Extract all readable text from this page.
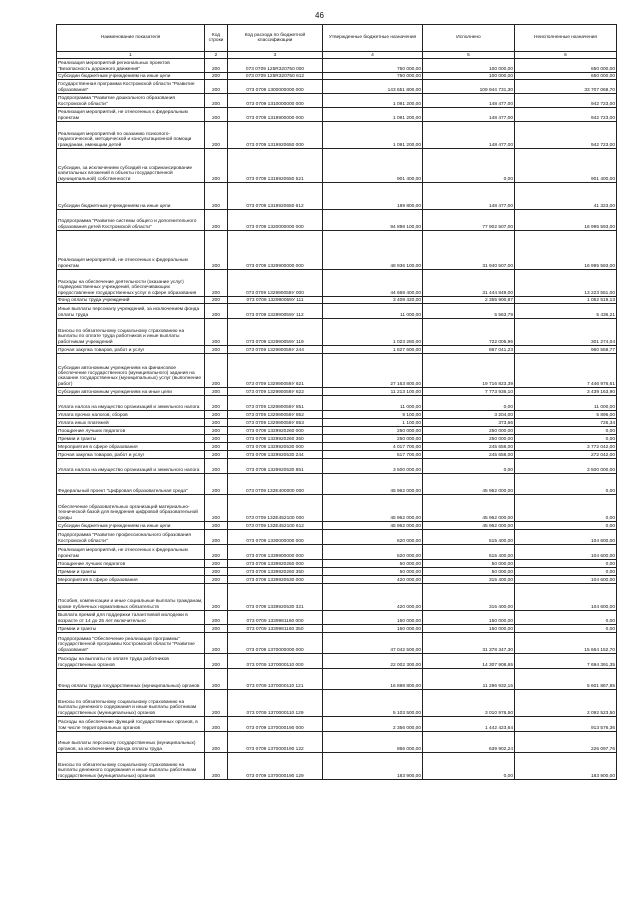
46
Наименование показателя	Код строки	Код расхода по бюджетной классификации	Утвержденные бюджетные назначения	Исполнено	Неисполненные назначения
1	2	3	4	5	6
Реализация мероприятий региональных проектов "Безопасность дорожного движения"	200	073 0709 125R320750 000	750 000,00	100 000,00	650 000,00
Субсидии бюджетным учреждениям на иные цели	200	073 0709 125R320750 612	750 000,00	100 000,00	650 000,00
Государственная программа Костромской области "Развитие образования"	200	073 0709 1300000000 000	143 651 800,00	109 944 731,30	33 707 068,70
Подпрограмма "Развитие дошкольного образования Костромской области"	200	073 0709 1310000000 000	1 091 200,00	148 477,00	942 723,00
Реализация мероприятий, не отнесенных к федеральным проектам	200	073 0709 1319900000 000	1 091 200,00	148 477,00	942 723,00
Реализация мероприятий по оказанию психолого-педагогической, методической и консультационной помощи гражданам, имеющим детей	200	073 0709 1319920650 000	1 091 200,00	148 477,00	942 723,00
Субсидии, за исключением субсидий на софинансирование капитальных вложений в объекты государственной (муниципальной) собственности	200	073 0709 1319920650 521	901 400,00	0,00	901 400,00
Субсидии бюджетным учреждениям на иные цели	200	073 0709 1319920650 612	189 800,00	148 477,00	41 323,00
Подпрограмма "Развитие системы общего и дополнительного образования детей Костромской области"	200	073 0709 1320000000 000	94 898 100,00	77 902 507,00	16 995 593,00
Реализация мероприятий, не отнесенных к федеральным проектам	200	073 0709 1329900000 000	48 936 100,00	31 940 507,00	16 995 593,00
Расходы на обеспечение деятельности (оказание услуг) подведомственных учреждений, обеспечивающих предоставление государственных услуг в сфере образования	200	073 0709 132990059У 000	44 668 400,00	31 444 849,00	13 223 551,00
Фонд оплаты труда учреждений	200	073 0709 132990059У 111	3 408 420,00	2 355 900,87	1 052 519,13
Иные выплаты персоналу учреждений, за исключением фонда оплаты труда	200	073 0709 132990059У 112	11 000,00	5 563,79	5 436,21
Взносы по обязательному социальному страхованию на выплаты по оплате труда работников и иные выплаты работникам учреждений	200	073 0709 132990059У 119	1 023 280,00	722 005,96	301 274,04
Прочая закупка товаров, работ и услуг	200	073 0709 132990059У 244	1 827 600,00	867 041,23	960 558,77
Субсидии автономным учреждениям на финансовое обеспечение государственного (муниципального) задания на оказание государственных (муниципальных) услуг (выполнение работ)	200	073 0709 132990059У 621	27 163 800,00	19 716 823,39	7 446 976,61
Субсидии автономным учреждениям на иные цели	200	073 0709 132990059У 622	11 213 100,00	7 773 936,10	3 439 163,90
Уплата налога на имущество организаций и земельного налога	200	073 0709 132990059У 851	11 000,00	0,00	11 000,00
Уплата прочих налогов, сборов	200	073 0709 132990059У 852	9 100,00	3 204,00	5 896,00
Уплата иных платежей	200	073 0709 132990059У 853	1 100,00	373,66	726,34
Поощрение лучших педагогов	200	073 0709 1329920260 000	250 000,00	250 000,00	0,00
Премии и гранты	200	073 0709 1329920260 350	250 000,00	250 000,00	0,00
Мероприятия в сфере образования	200	073 0709 1329920530 000	4 017 700,00	245 658,00	3 772 042,00
Прочая закупка товаров, работ и услуг	200	073 0709 1329920530 244	517 700,00	245 658,00	272 042,00
Уплата налога на имущество организаций и земельного налога	200	073 0709 1329920530 851	3 500 000,00	0,00	3 500 000,00
Федеральный проект "Цифровая образовательная среда"	200	073 0709 132E400000 000	45 962 000,00	45 962 000,00	0,00
Обеспечение образовательных организаций материально-технической базой для внедрения цифровой образовательной среды	200	073 0709 132E452100 000	45 962 000,00	45 962 000,00	0,00
Субсидии бюджетным учреждениям на иные цели	200	073 0709 132E452100 612	45 962 000,00	45 962 000,00	0,00
Подпрограмма "Развитие профессионального образования Костромской области"	200	073 0709 1330000000 000	620 000,00	515 400,00	104 600,00
Реализация мероприятий, не отнесенных к федеральным проектам	200	073 0709 1339900000 000	620 000,00	515 400,00	104 600,00
Поощрение лучших педагогов	200	073 0709 1339920260 000	50 000,00	50 000,00	0,00
Премии и гранты	200	073 0709 1339920260 350	50 000,00	50 000,00	0,00
Мероприятия в сфере образования	200	073 0709 1339920530 000	420 000,00	315 400,00	104 600,00
Пособия, компенсации и иные социальные выплаты гражданам, кроме публичных нормативных обязательств	200	073 0709 1339920530 321	420 000,00	315 400,00	104 600,00
Выплата премий для поддержки талантливой молодежи в возрасте от 14 до 25 лет включительно	200	073 0709 1339981160 000	150 000,00	150 000,00	0,00
Премии и гранты	200	073 0709 1339981160 350	150 000,00	150 000,00	0,00
Подпрограмма "Обеспечение реализации программы" государственной программы Костромской области "Развитие образования"	200	073 0709 1370000000 000	47 042 500,00	31 378 347,30	15 664 152,70
Расходы на выплаты по оплате труда работников государственных органов	200	073 0709 1370000110 000	22 002 300,00	14 307 908,65	7 694 391,35
Фонд оплаты труда государственных (муниципальных) органов	200	073 0709 1370000110 121	16 898 800,00	11 296 932,15	5 601 867,85
Взносы по обязательному социальному страхованию на выплаты денежного содержания и иные выплаты работникам государственных (муниципальных) органов	200	073 0709 1370000110 129	5 103 500,00	3 010 976,50	2 092 523,50
Расходы на обеспечение функций государственных органов, в том числе территориальных органов	200	073 0709 1370000190 000	2 356 000,00	1 442 423,64	913 576,36
Иные выплаты персоналу государственных (муниципальных) органов, за исключением фонда оплаты труда	200	073 0709 1370000190 122	866 000,00	639 902,24	226 097,76
Взносы по обязательному социальному страхованию на выплаты денежного содержания и иные выплаты работникам государственных (муниципальных) органов	200	073 0709 1370000190 129	183 900,00	0,00	183 900,00
